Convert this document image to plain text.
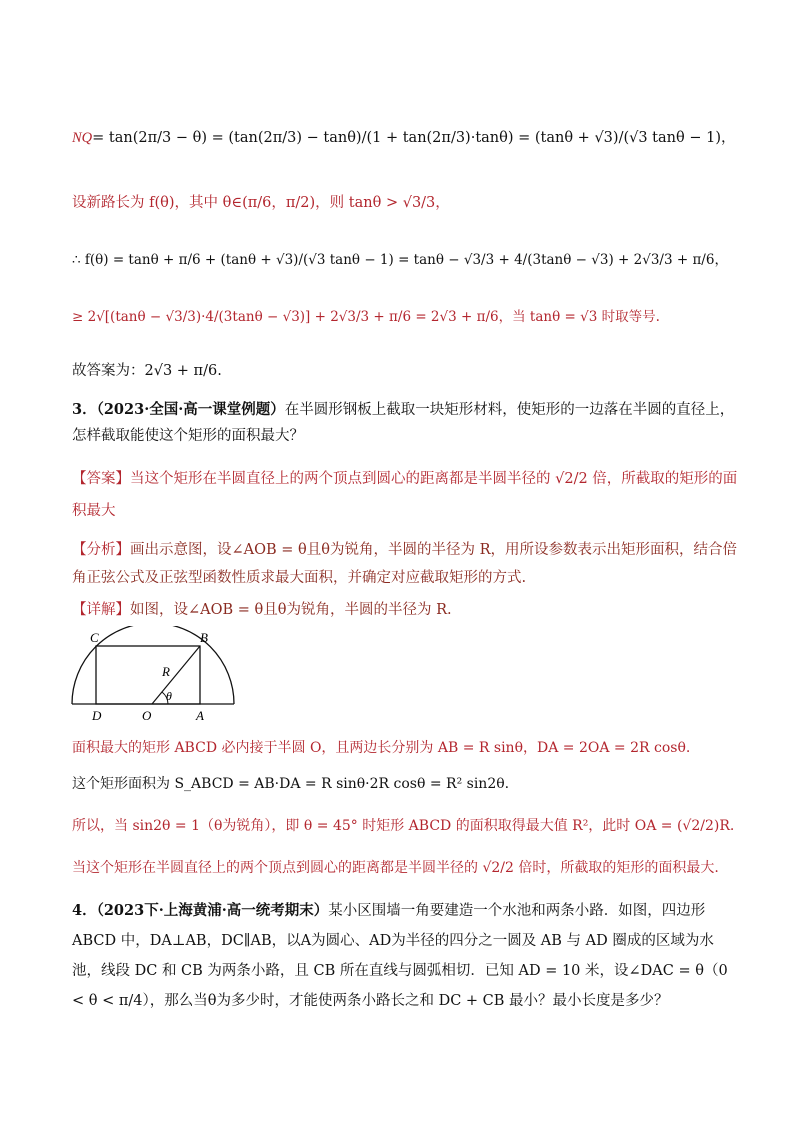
NQ= tan(2π/3 − θ) = (tan(2π/3) − tanθ)/(1 + tan(2π/3)·tanθ) = (tanθ + √3)/(√3 tanθ − 1)，
设新路长为 f(θ)，其中 θ∈(π/6，π/2)，则 tanθ > √3/3，
∴ f(θ) = tanθ + π/6 + (tanθ + √3)/(√3 tanθ − 1) = tanθ − √3/3 + 4/(3tanθ − √3) + 2√3/3 + π/6，
≥ 2√[(tanθ − √3/3)·4/(3tanθ − √3)] + 2√3/3 + π/6 = 2√3 + π/6，当 tanθ = √3 时取等号.
故答案为：2√3 + π/6.
3．（2023·全国·高一课堂例题）在半圆形钢板上截取一块矩形材料，使矩形的一边落在半圆的直径上，怎样截取能使这个矩形的面积最大？
【答案】当这个矩形在半圆直径上的两个顶点到圆心的距离都是半圆半径的 √2/2 倍，所截取的矩形的面积最大
【分析】画出示意图，设∠AOB = θ且θ为锐角，半圆的半径为 R，用所设参数表示出矩形面积，结合倍角正弦公式及正弦型函数性质求最大面积，并确定对应截取矩形的方式.
【详解】如图，设∠AOB = θ且θ为锐角，半圆的半径为 R.
C	B
D	O	A
R
θ
面积最大的矩形 ABCD 必内接于半圆 O，且两边长分别为 AB = R sinθ，DA = 2OA = 2R cosθ.
这个矩形面积为 S_ABCD = AB·DA = R sinθ·2R cosθ = R² sin2θ.
所以，当 sin2θ = 1（θ为锐角），即 θ = 45° 时矩形 ABCD 的面积取得最大值 R²，此时 OA = (√2/2)R.
当这个矩形在半圆直径上的两个顶点到圆心的距离都是半圆半径的 √2/2 倍时，所截取的矩形的面积最大.
4．（2023下·上海黄浦·高一统考期末）某小区围墙一角要建造一个水池和两条小路．如图，四边形 ABCD 中，DA⊥AB，DC∥AB，以A为圆心、AD为半径的四分之一圆及 AB 与 AD 圈成的区域为水池，线段 DC 和 CB 为两条小路，且 CB 所在直线与圆弧相切．已知 AD = 10 米，设∠DAC = θ（0 < θ < π/4），那么当θ为多少时，才能使两条小路长之和 DC + CB 最小？最小长度是多少？
